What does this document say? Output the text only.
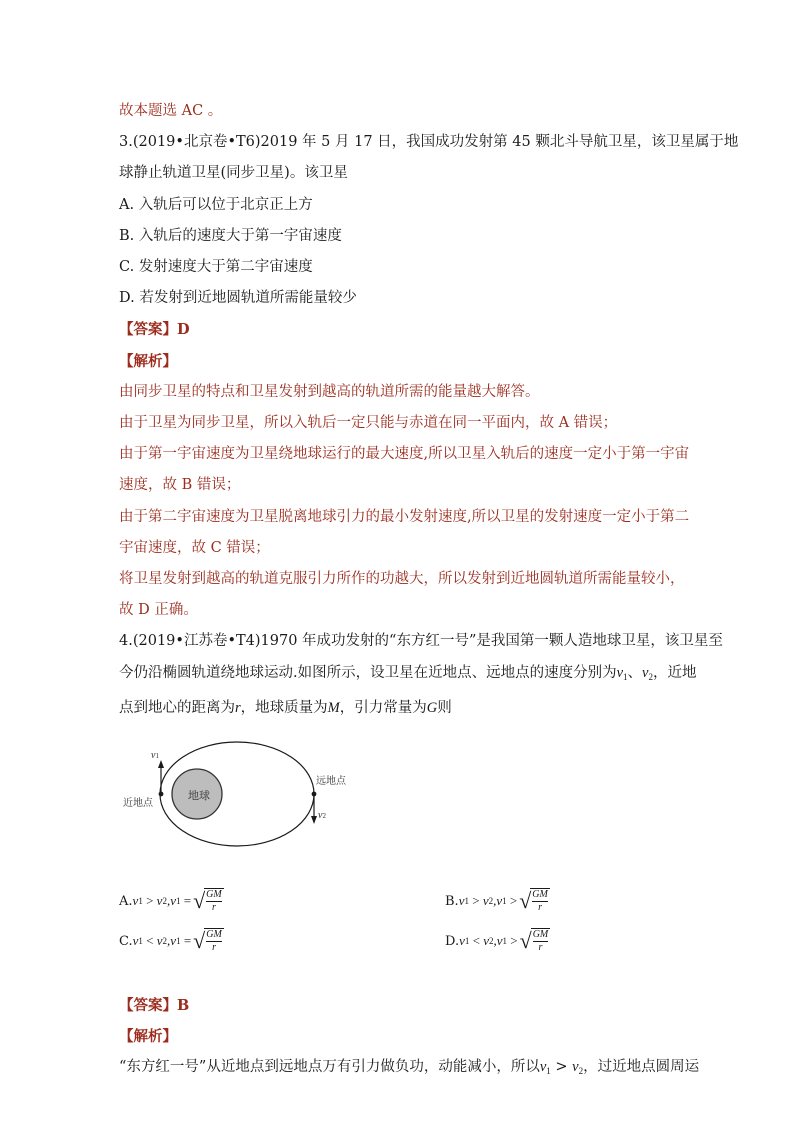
故本题选 AC 。
3.(2019•北京卷•T6)2019 年 5 月 17 日，我国成功发射第 45 颗北斗导航卫星，该卫星属于地
球静止轨道卫星(同步卫星)。该卫星
A. 入轨后可以位于北京正上方
B. 入轨后的速度大于第一宇宙速度
C. 发射速度大于第二宇宙速度
D. 若发射到近地圆轨道所需能量较少
【答案】D
【解析】
由同步卫星的特点和卫星发射到越高的轨道所需的能量越大解答。
由于卫星为同步卫星，所以入轨后一定只能与赤道在同一平面内，故 A 错误；
由于第一宇宙速度为卫星绕地球运行的最大速度,所以卫星入轨后的速度一定小于第一宇宙
速度，故 B 错误；
由于第二宇宙速度为卫星脱离地球引力的最小发射速度,所以卫星的发射速度一定小于第二
宇宙速度，故 C 错误；
将卫星发射到越高的轨道克服引力所作的功越大，所以发射到近地圆轨道所需能量较小，
故 D 正确。
4.(2019•江苏卷•T4)1970 年成功发射的“东方红一号”是我国第一颗人造地球卫星，该卫星至
今仍沿椭圆轨道绕地球运动.如图所示，设卫星在近地点、远地点的速度分别为$v_1$、$v_2$，近地
点到地心的距离为r，地球质量为M，引力常量为G则
地球
近地点
远地点
v1
v2
A. v 1
>
v 2 , v 1
= √ $\frac{GM}{r}$	B. v 1
>
v 2 , v 1
> √ $\frac{GM}{r}$
C. v 1
<
v 2 , v 1
= √ $\frac{GM}{r}$	D. v 1
<
v 2 , v 1
> √ $\frac{GM}{r}$
【答案】B
【解析】
“东方红一号”从近地点到远地点万有引力做负功，动能减小，所以$v_1 > v_2$，过近地点圆周运
